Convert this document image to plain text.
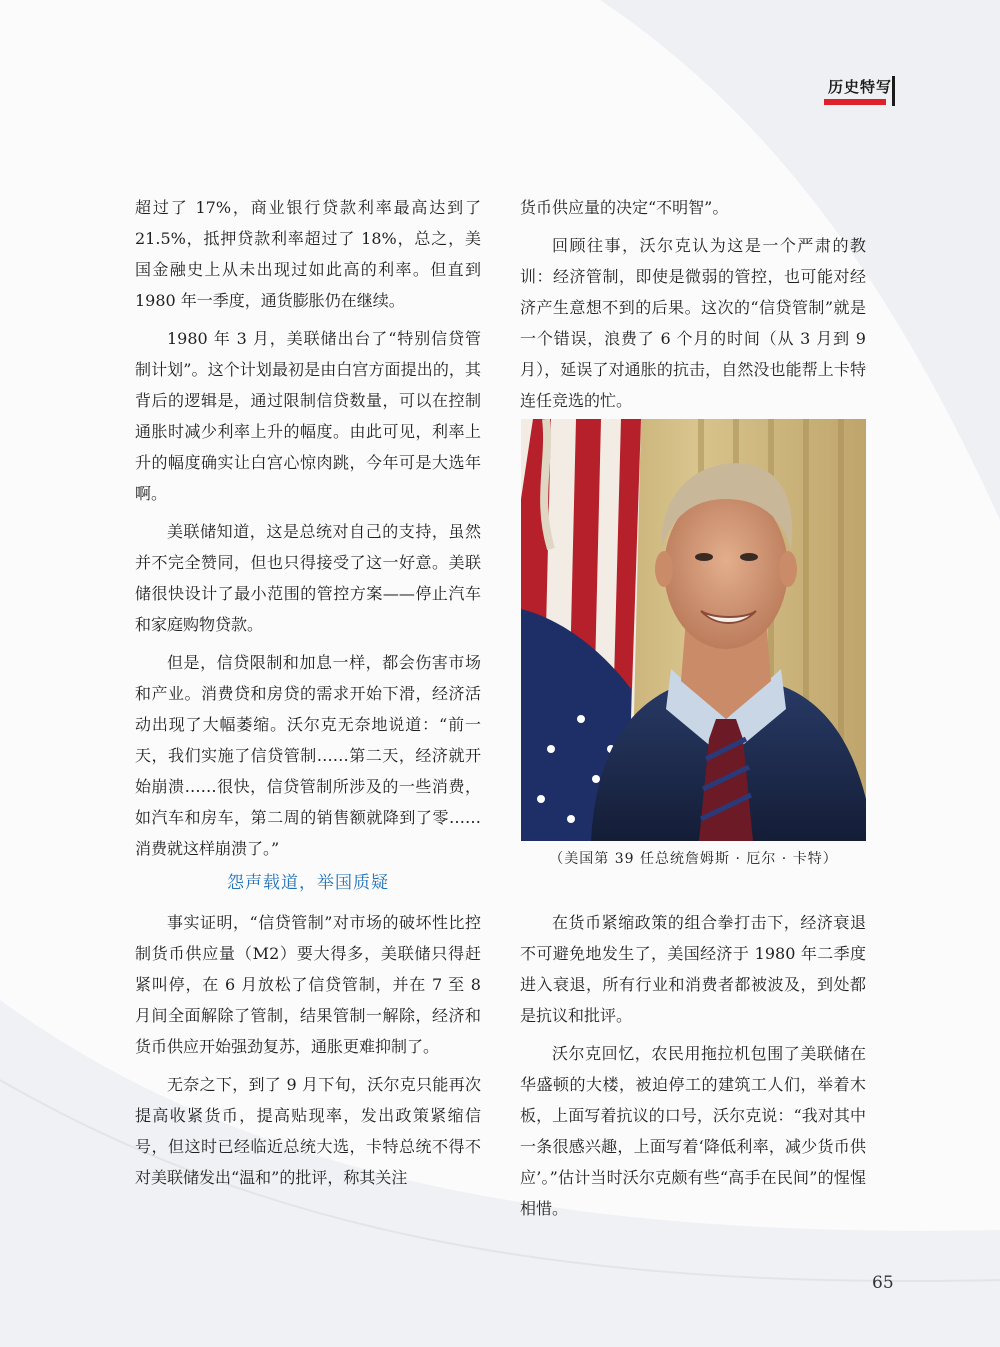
历史特写

超过了 17%，商业银行贷款利率最高达到了 21.5%，抵押贷款利率超过了 18%，总之，美国金融史上从未出现过如此高的利率。但直到 1980 年一季度，通货膨胀仍在继续。

1980 年 3 月，美联储出台了“特别信贷管制计划”。这个计划最初是由白宫方面提出的，其背后的逻辑是，通过限制信贷数量，可以在控制通胀时减少利率上升的幅度。由此可见，利率上升的幅度确实让白宫心惊肉跳，今年可是大选年啊。

美联储知道，这是总统对自己的支持，虽然并不完全赞同，但也只得接受了这一好意。美联储很快设计了最小范围的管控方案——停止汽车和家庭购物贷款。

但是，信贷限制和加息一样，都会伤害市场和产业。消费贷和房贷的需求开始下滑，经济活动出现了大幅萎缩。沃尔克无奈地说道：“前一天，我们实施了信贷管制……第二天，经济就开始崩溃……很快，信贷管制所涉及的一些消费，如汽车和房车，第二周的销售额就降到了零……消费就这样崩溃了。”

怨声载道，举国质疑

事实证明，“信贷管制”对市场的破坏性比控制货币供应量（M2）要大得多，美联储只得赶紧叫停，在 6 月放松了信贷管制，并在 7 至 8 月间全面解除了管制，结果管制一解除，经济和货币供应开始强劲复苏，通胀更难抑制了。

无奈之下，到了 9 月下旬，沃尔克只能再次提高收紧货币，提高贴现率，发出政策紧缩信号，但这时已经临近总统大选，卡特总统不得不对美联储发出“温和”的批评，称其关注

货币供应量的决定“不明智”。

回顾往事，沃尔克认为这是一个严肃的教训：经济管制，即使是微弱的管控，也可能对经济产生意想不到的后果。这次的“信贷管制”就是一个错误，浪费了 6 个月的时间（从 3 月到 9 月），延误了对通胀的抗击，自然没也能帮上卡特连任竞选的忙。

（美国第 39 任总统詹姆斯 · 厄尔 · 卡特）

在货币紧缩政策的组合拳打击下，经济衰退不可避免地发生了，美国经济于 1980 年二季度进入衰退，所有行业和消费者都被波及，到处都是抗议和批评。

沃尔克回忆，农民用拖拉机包围了美联储在华盛顿的大楼，被迫停工的建筑工人们，举着木板，上面写着抗议的口号，沃尔克说：“我对其中一条很感兴趣，上面写着‘降低利率，减少货币供应’。”估计当时沃尔克颇有些“高手在民间”的惺惺相惜。

65
